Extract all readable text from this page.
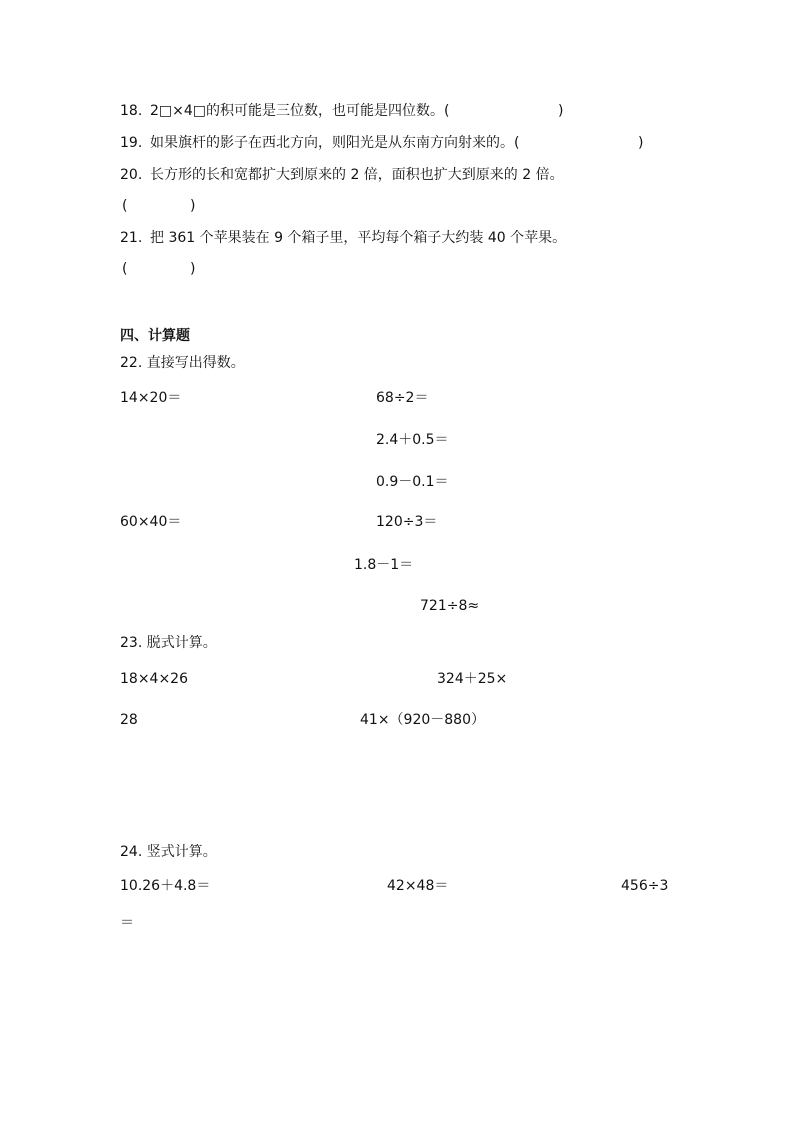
18. 2□×4□的积可能是三位数，也可能是四位数。(	)
19. 如果旗杆的影子在西北方向，则阳光是从东南方向射来的。(	)
20. 长方形的长和宽都扩大到原来的 2 倍，面积也扩大到原来的 2 倍。
(	)
21. 把 361 个苹果装在 9 个箱子里，平均每个箱子大约装 40 个苹果。
(	)
四、计算题
22. 直接写出得数。
14×20＝	68÷2＝
2.4＋0.5＝
0.9－0.1＝
60×40＝	120÷3＝
1.8－1＝
721÷8≈
23. 脱式计算。
18×4×26	324＋25×
28	41×（920－880）
24. 竖式计算。
10.26＋4.8＝	42×48＝	456÷3
＝
